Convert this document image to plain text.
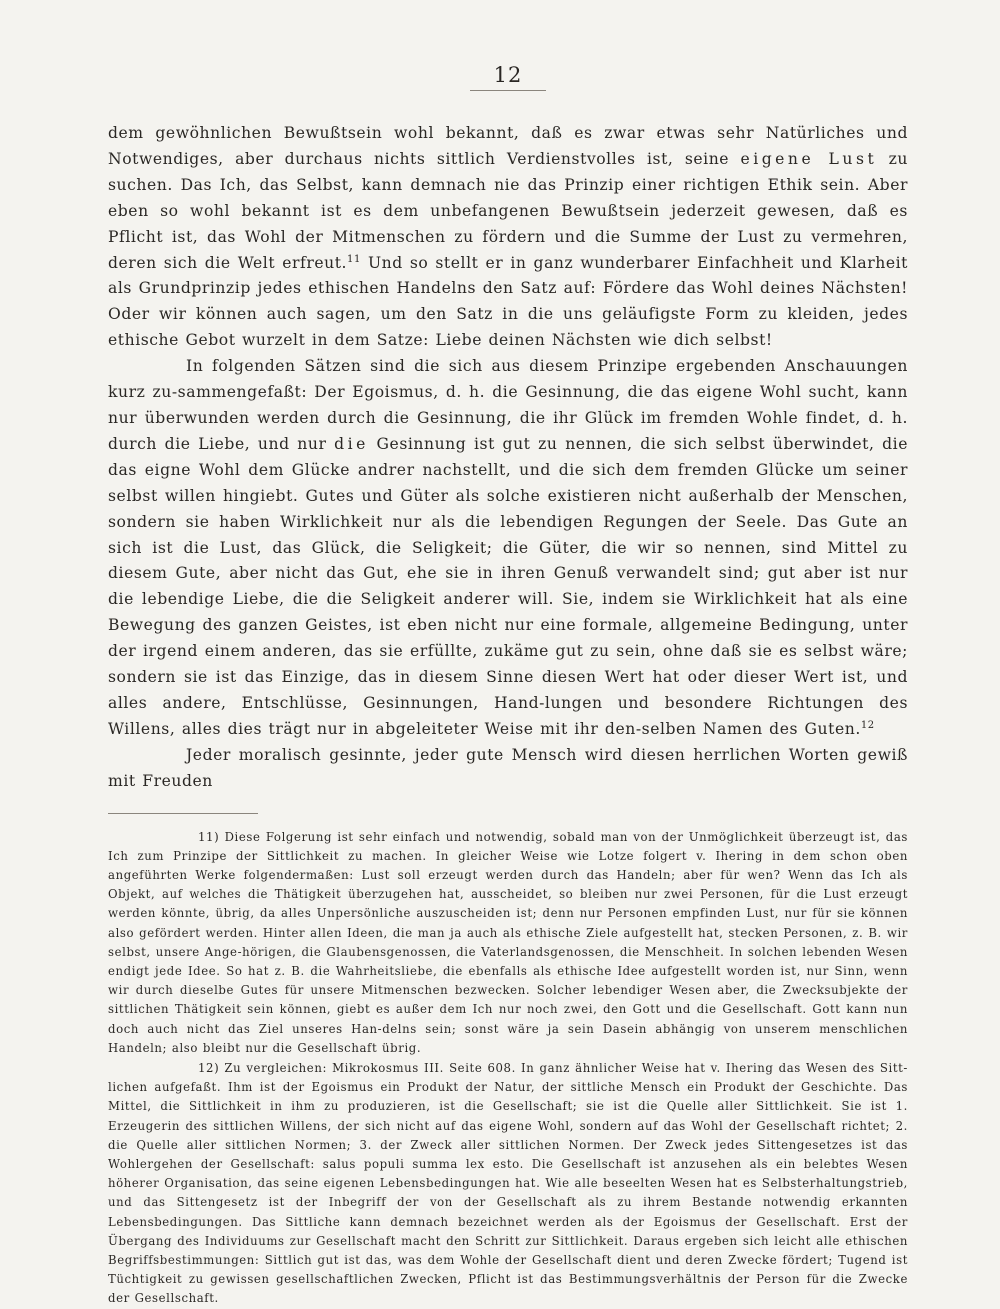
12

dem gewöhnlichen Bewußtsein wohl bekannt, daß es zwar etwas sehr Natürliches und Notwendiges, aber durchaus nichts sittlich Verdienstvolles ist, seine eigene Lust zu suchen. Das Ich, das Selbst, kann demnach nie das Prinzip einer richtigen Ethik sein. Aber eben so wohl bekannt ist es dem unbefangenen Bewußtsein jederzeit gewesen, daß es Pflicht ist, das Wohl der Mitmenschen zu fördern und die Summe der Lust zu vermehren, deren sich die Welt erfreut.$^{11}$ Und so stellt er in ganz wunderbarer Einfachheit und Klarheit als Grundprinzip jedes ethischen Handelns den Satz auf: Fördere das Wohl deines Nächsten! Oder wir können auch sagen, um den Satz in die uns geläufigste Form zu kleiden, jedes ethische Gebot wurzelt in dem Satze: Liebe deinen Nächsten wie dich selbst!

In folgenden Sätzen sind die sich aus diesem Prinzipe ergebenden Anschauungen kurz zu-sammengefaßt: Der Egoismus, d. h. die Gesinnung, die das eigene Wohl sucht, kann nur überwunden werden durch die Gesinnung, die ihr Glück im fremden Wohle findet, d. h. durch die Liebe, und nur die Gesinnung ist gut zu nennen, die sich selbst überwindet, die das eigne Wohl dem Glücke andrer nachstellt, und die sich dem fremden Glücke um seiner selbst willen hingiebt. Gutes und Güter als solche existieren nicht außerhalb der Menschen, sondern sie haben Wirklichkeit nur als die lebendigen Regungen der Seele. Das Gute an sich ist die Lust, das Glück, die Seligkeit; die Güter, die wir so nennen, sind Mittel zu diesem Gute, aber nicht das Gut, ehe sie in ihren Genuß verwandelt sind; gut aber ist nur die lebendige Liebe, die die Seligkeit anderer will. Sie, indem sie Wirklichkeit hat als eine Bewegung des ganzen Geistes, ist eben nicht nur eine formale, allgemeine Bedingung, unter der irgend einem anderen, das sie erfüllte, zukäme gut zu sein, ohne daß sie es selbst wäre; sondern sie ist das Einzige, das in diesem Sinne diesen Wert hat oder dieser Wert ist, und alles andere, Entschlüsse, Gesinnungen, Hand-lungen und besondere Richtungen des Willens, alles dies trägt nur in abgeleiteter Weise mit ihr den-selben Namen des Guten.$^{12}$

Jeder moralisch gesinnte, jeder gute Mensch wird diesen herrlichen Worten gewiß mit Freuden

11) Diese Folgerung ist sehr einfach und notwendig, sobald man von der Unmöglichkeit überzeugt ist, das Ich zum Prinzipe der Sittlichkeit zu machen. In gleicher Weise wie Lotze folgert v. Ihering in dem schon oben angeführten Werke folgendermaßen: Lust soll erzeugt werden durch das Handeln; aber für wen? Wenn das Ich als Objekt, auf welches die Thätigkeit überzugehen hat, ausscheidet, so bleiben nur zwei Personen, für die Lust erzeugt werden könnte, übrig, da alles Unpersönliche auszuscheiden ist; denn nur Personen empfinden Lust, nur für sie können also gefördert werden. Hinter allen Ideen, die man ja auch als ethische Ziele aufgestellt hat, stecken Personen, z. B. wir selbst, unsere Ange-hörigen, die Glaubensgenossen, die Vaterlandsgenossen, die Menschheit. In solchen lebenden Wesen endigt jede Idee. So hat z. B. die Wahrheitsliebe, die ebenfalls als ethische Idee aufgestellt worden ist, nur Sinn, wenn wir durch dieselbe Gutes für unsere Mitmenschen bezwecken. Solcher lebendiger Wesen aber, die Zwecksubjekte der sittlichen Thätigkeit sein können, giebt es außer dem Ich nur noch zwei, den Gott und die Gesellschaft. Gott kann nun doch auch nicht das Ziel unseres Han-delns sein; sonst wäre ja sein Dasein abhängig von unserem menschlichen Handeln; also bleibt nur die Gesellschaft übrig.

12) Zu vergleichen: Mikrokosmus III. Seite 608. In ganz ähnlicher Weise hat v. Ihering das Wesen des Sitt-lichen aufgefaßt. Ihm ist der Egoismus ein Produkt der Natur, der sittliche Mensch ein Produkt der Geschichte. Das Mittel, die Sittlichkeit in ihm zu produzieren, ist die Gesellschaft; sie ist die Quelle aller Sittlichkeit. Sie ist 1. Erzeugerin des sittlichen Willens, der sich nicht auf das eigene Wohl, sondern auf das Wohl der Gesellschaft richtet; 2. die Quelle aller sittlichen Normen; 3. der Zweck aller sittlichen Normen. Der Zweck jedes Sittengesetzes ist das Wohlergehen der Gesellschaft: salus populi summa lex esto. Die Gesellschaft ist anzusehen als ein belebtes Wesen höherer Organisation, das seine eigenen Lebensbedingungen hat. Wie alle beseelten Wesen hat es Selbsterhaltungstrieb, und das Sittengesetz ist der Inbegriff der von der Gesellschaft als zu ihrem Bestande notwendig erkannten Lebensbedingungen. Das Sittliche kann demnach bezeichnet werden als der Egoismus der Gesellschaft. Erst der Übergang des Individuums zur Gesellschaft macht den Schritt zur Sittlichkeit. Daraus ergeben sich leicht alle ethischen Begriffsbestimmungen: Sittlich gut ist das, was dem Wohle der Gesellschaft dient und deren Zwecke fördert; Tugend ist Tüchtigkeit zu gewissen gesellschaftlichen Zwecken, Pflicht ist das Bestimmungsverhältnis der Person für die Zwecke der Gesellschaft.
